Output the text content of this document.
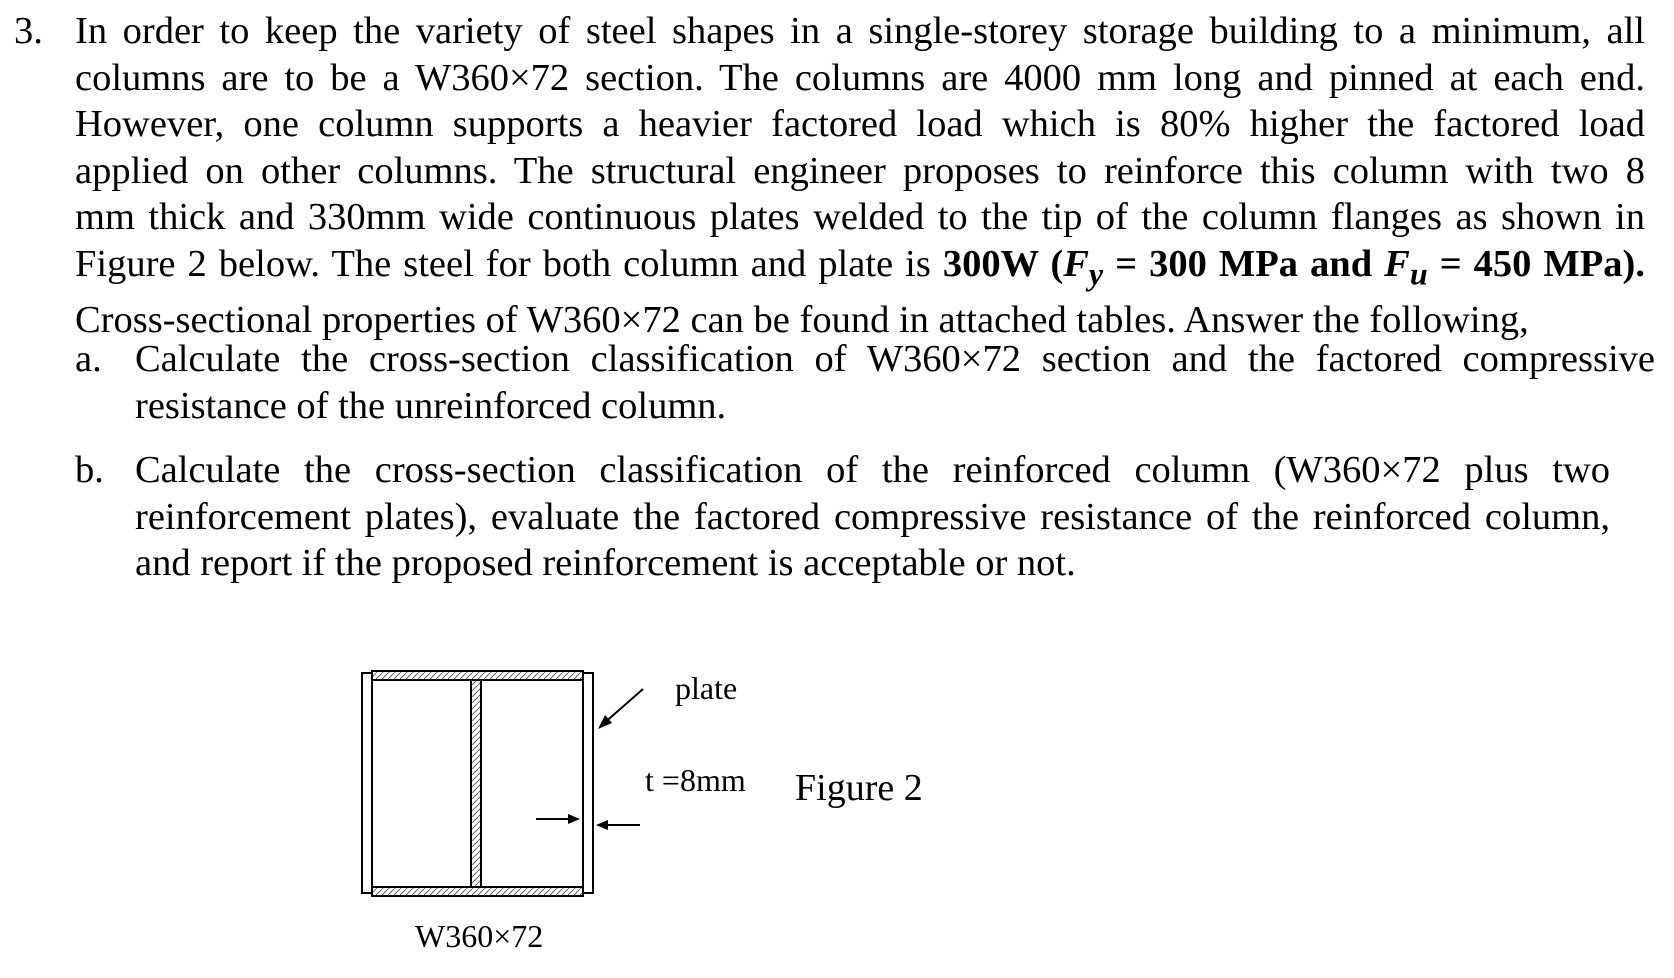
3. In order to keep the variety of steel shapes in a single-storey storage building to a minimum, all
columns are to be a W360×72 section. The columns are 4000 mm long and pinned at each end.
However, one column supports a heavier factored load which is 80% higher the factored load
applied on other columns. The structural engineer proposes to reinforce this column with two 8
mm thick and 330mm wide continuous plates welded to the tip of the column flanges as shown in
Figure 2 below. The steel for both column and plate is 300W ($F_y = 300$ MPa and $F_u = 450$ MPa).
Cross-sectional properties of W360×72 can be found in attached tables. Answer the following,
a. Calculate the cross-section classification of W360×72 section and the factored compressive
resistance of the unreinforced column.
b. Calculate the cross-section classification of the reinforced column (W360×72 plus two
reinforcement plates), evaluate the factored compressive resistance of the reinforced column,
and report if the proposed reinforcement is acceptable or not.
plate
t =8mm Figure 2
W360×72
